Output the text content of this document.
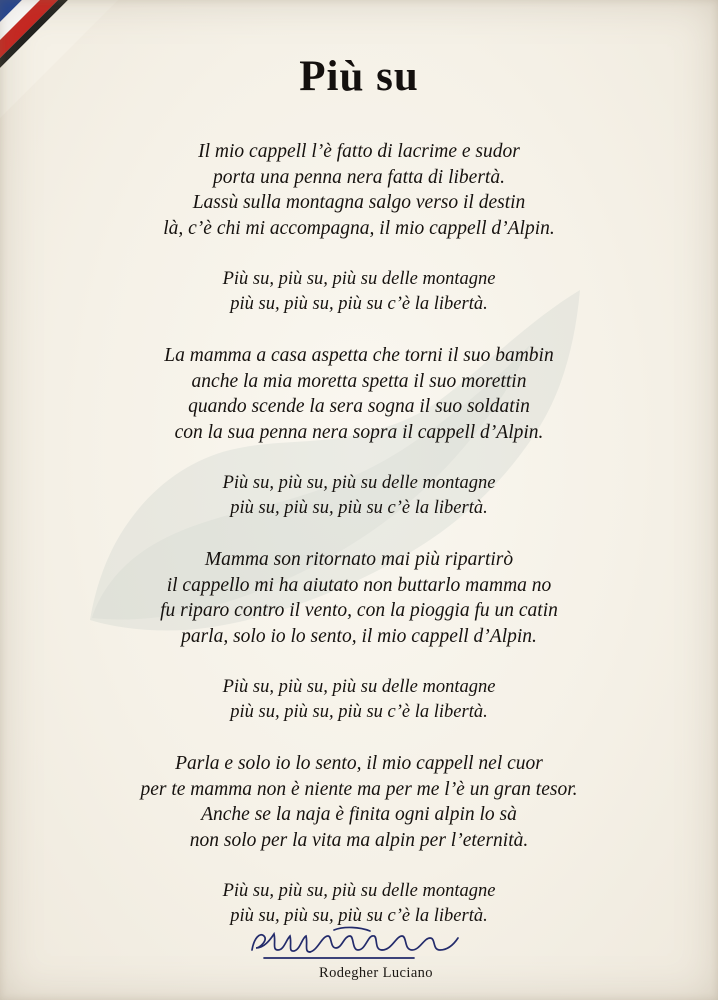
Più su
Il mio cappell l’è fatto di lacrime e sudor
porta una penna nera fatta di libertà.
Lassù sulla montagna salgo verso il destin
là, c’è chi mi accompagna, il mio cappell d’Alpin.
Più su, più su, più su delle montagne
più su, più su, più su c’è la libertà.
La mamma a casa aspetta che torni il suo bambin
anche la mia moretta spetta il suo morettin
quando scende la sera sogna il suo soldatin
con la sua penna nera sopra il cappell d’Alpin.
Più su, più su, più su delle montagne
più su, più su, più su c’è la libertà.
Mamma son ritornato mai più ripartirò
il cappello mi ha aiutato non buttarlo mamma no
fu riparo contro il vento, con la pioggia fu un catin
parla, solo io lo sento, il mio cappell d’Alpin.
Più su, più su, più su delle montagne
più su, più su, più su c’è la libertà.
Parla e solo io lo sento, il mio cappell nel cuor
per te mamma non è niente ma per me l’è un gran tesor.
Anche se la naja è finita ogni alpin lo sà
non solo per la vita ma alpin per l’eternità.
Più su, più su, più su delle montagne
più su, più su, più su c’è la libertà.
Rodegher Luciano
